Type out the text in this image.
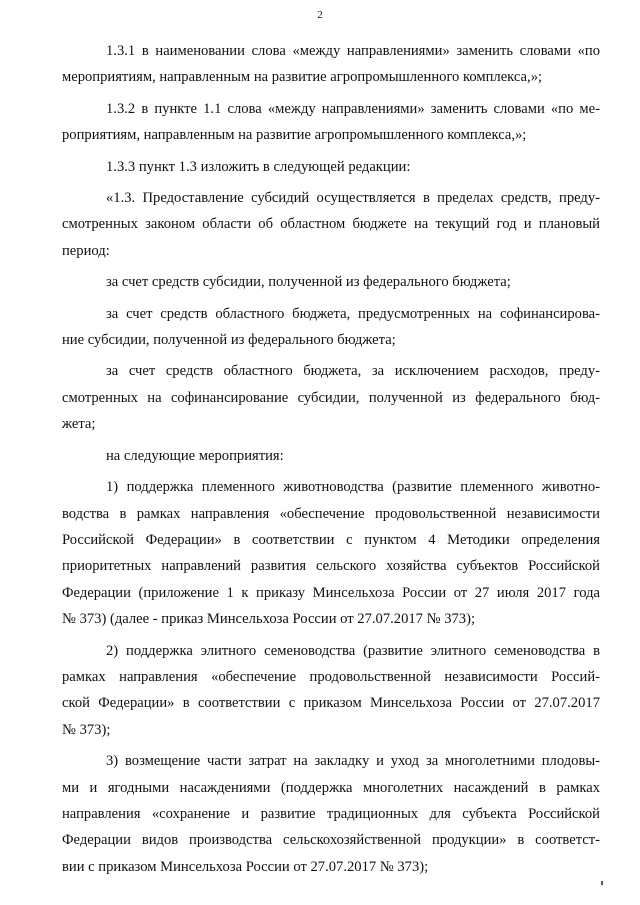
2
1.3.1 в наименовании слова «между направлениями» заменить словами «по
мероприятиям, направленным на развитие агропромышленного комплекса,»;
1.3.2 в пункте 1.1 слова «между направлениями» заменить словами «по ме-
роприятиям, направленным на развитие агропромышленного комплекса,»;
1.3.3 пункт 1.3 изложить в следующей редакции:
«1.3. Предоставление субсидий осуществляется в пределах средств, преду-
смотренных законом области об областном бюджете на текущий год и плановый
период:
за счет средств субсидии, полученной из федерального бюджета;
за счет средств областного бюджета, предусмотренных на софинансирова-
ние субсидии, полученной из федерального бюджета;
за счет средств областного бюджета, за исключением расходов, преду-
смотренных на софинансирование субсидии, полученной из федерального бюд-
жета;
на следующие мероприятия:
1) поддержка племенного животноводства (развитие племенного животно-
водства в рамках направления «обеспечение продовольственной независимости
Российской Федерации» в соответствии с пунктом 4 Методики определения
приоритетных направлений развития сельского хозяйства субъектов Российской
Федерации (приложение 1 к приказу Минсельхоза России от 27 июля 2017 года
№ 373) (далее - приказ Минсельхоза России от 27.07.2017 № 373);
2) поддержка элитного семеноводства (развитие элитного семеноводства в
рамках направления «обеспечение продовольственной независимости Россий-
ской Федерации» в соответствии с приказом Минсельхоза России от 27.07.2017
№ 373);
3) возмещение части затрат на закладку и уход за многолетними плодовы-
ми и ягодными насаждениями (поддержка многолетних насаждений в рамках
направления «сохранение и развитие традиционных для субъекта Российской
Федерации видов производства сельскохозяйственной продукции» в соответст-
вии с приказом Минсельхоза России от 27.07.2017 № 373);
